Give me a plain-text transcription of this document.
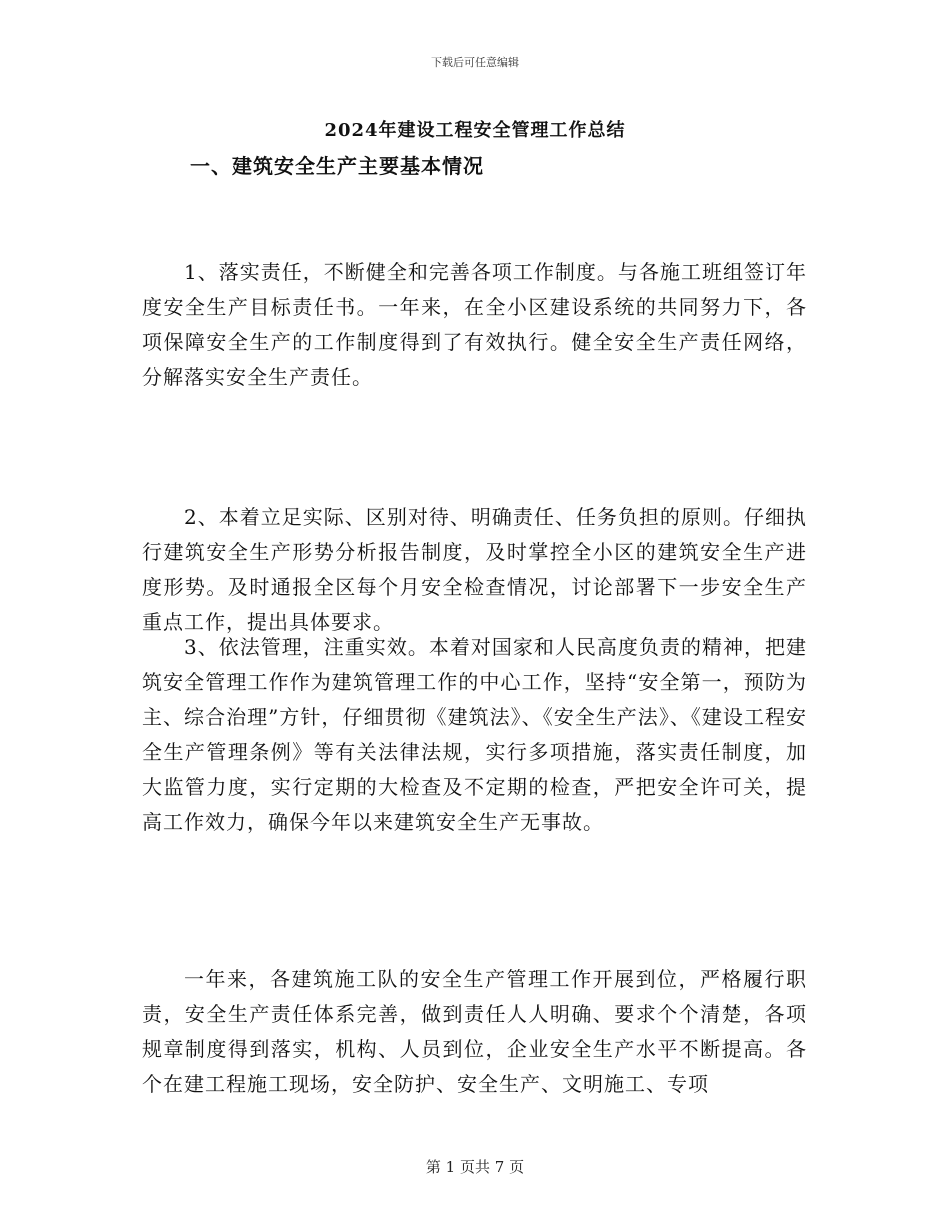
下载后可任意编辑
2024年建设工程安全管理工作总结
一、建筑安全生产主要基本情况

1、落实责任，不断健全和完善各项工作制度。与各施工班组签订年度安全生产目标责任书。一年来，在全小区建设系统的共同努力下，各项保障安全生产的工作制度得到了有效执行。健全安全生产责任网络，分解落实安全生产责任。

2、本着立足实际、区别对待、明确责任、任务负担的原则。仔细执行建筑安全生产形势分析报告制度，及时掌控全小区的建筑安全生产进度形势。及时通报全区每个月安全检查情况，讨论部署下一步安全生产重点工作，提出具体要求。

3、依法管理，注重实效。本着对国家和人民高度负责的精神，把建筑安全管理工作作为建筑管理工作的中心工作，坚持“安全第一，预防为主、综合治理”方针，仔细贯彻《建筑法》、《安全生产法》、《建设工程安全生产管理条例》等有关法律法规，实行多项措施，落实责任制度，加大监管力度，实行定期的大检查及不定期的检查，严把安全许可关，提高工作效力，确保今年以来建筑安全生产无事故。

一年来，各建筑施工队的安全生产管理工作开展到位，严格履行职责，安全生产责任体系完善，做到责任人人明确、要求个个清楚，各项规章制度得到落实，机构、人员到位，企业安全生产水平不断提高。各个在建工程施工现场，安全防护、安全生产、文明施工、专项

第 1 页共 7 页
